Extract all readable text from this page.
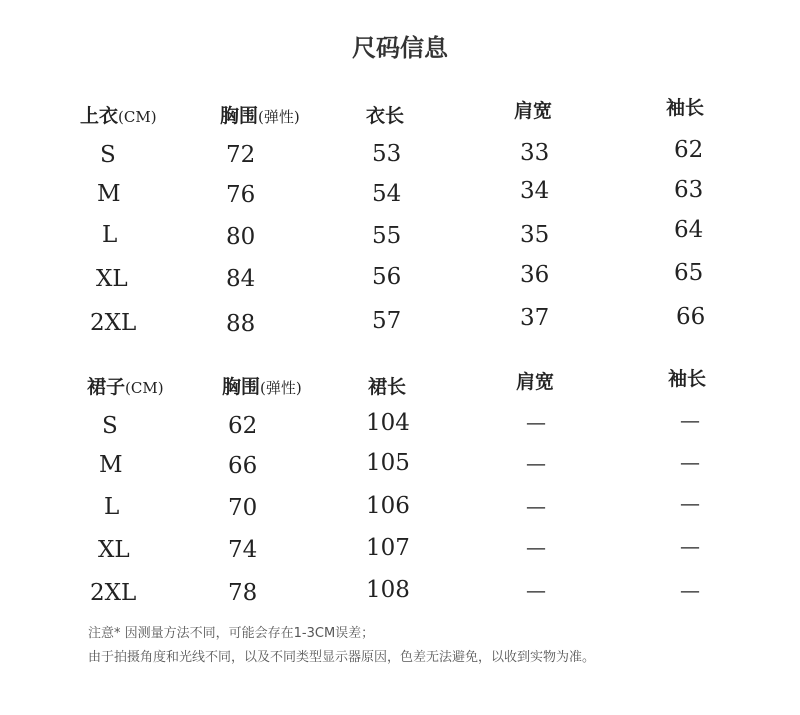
尺码信息
上衣(CM)	胸围(弹性)	衣长	肩宽	袖长
S	72	53	33	62
M	76	54	34	63
L	80	55	35	64
XL	84	56	36	65
2XL	88	57	37	66
裙子(CM)	胸围(弹性)	裙长	肩宽	袖长
S	62	104	—	—
M	66	105	—	—
L	70	106	—	—
XL	74	107	—	—
2XL	78	108	—	—
注意* 因测量方法不同，可能会存在1-3CM误差；
由于拍摄角度和光线不同，以及不同类型显示器原因，色差无法避免，以收到实物为准。
